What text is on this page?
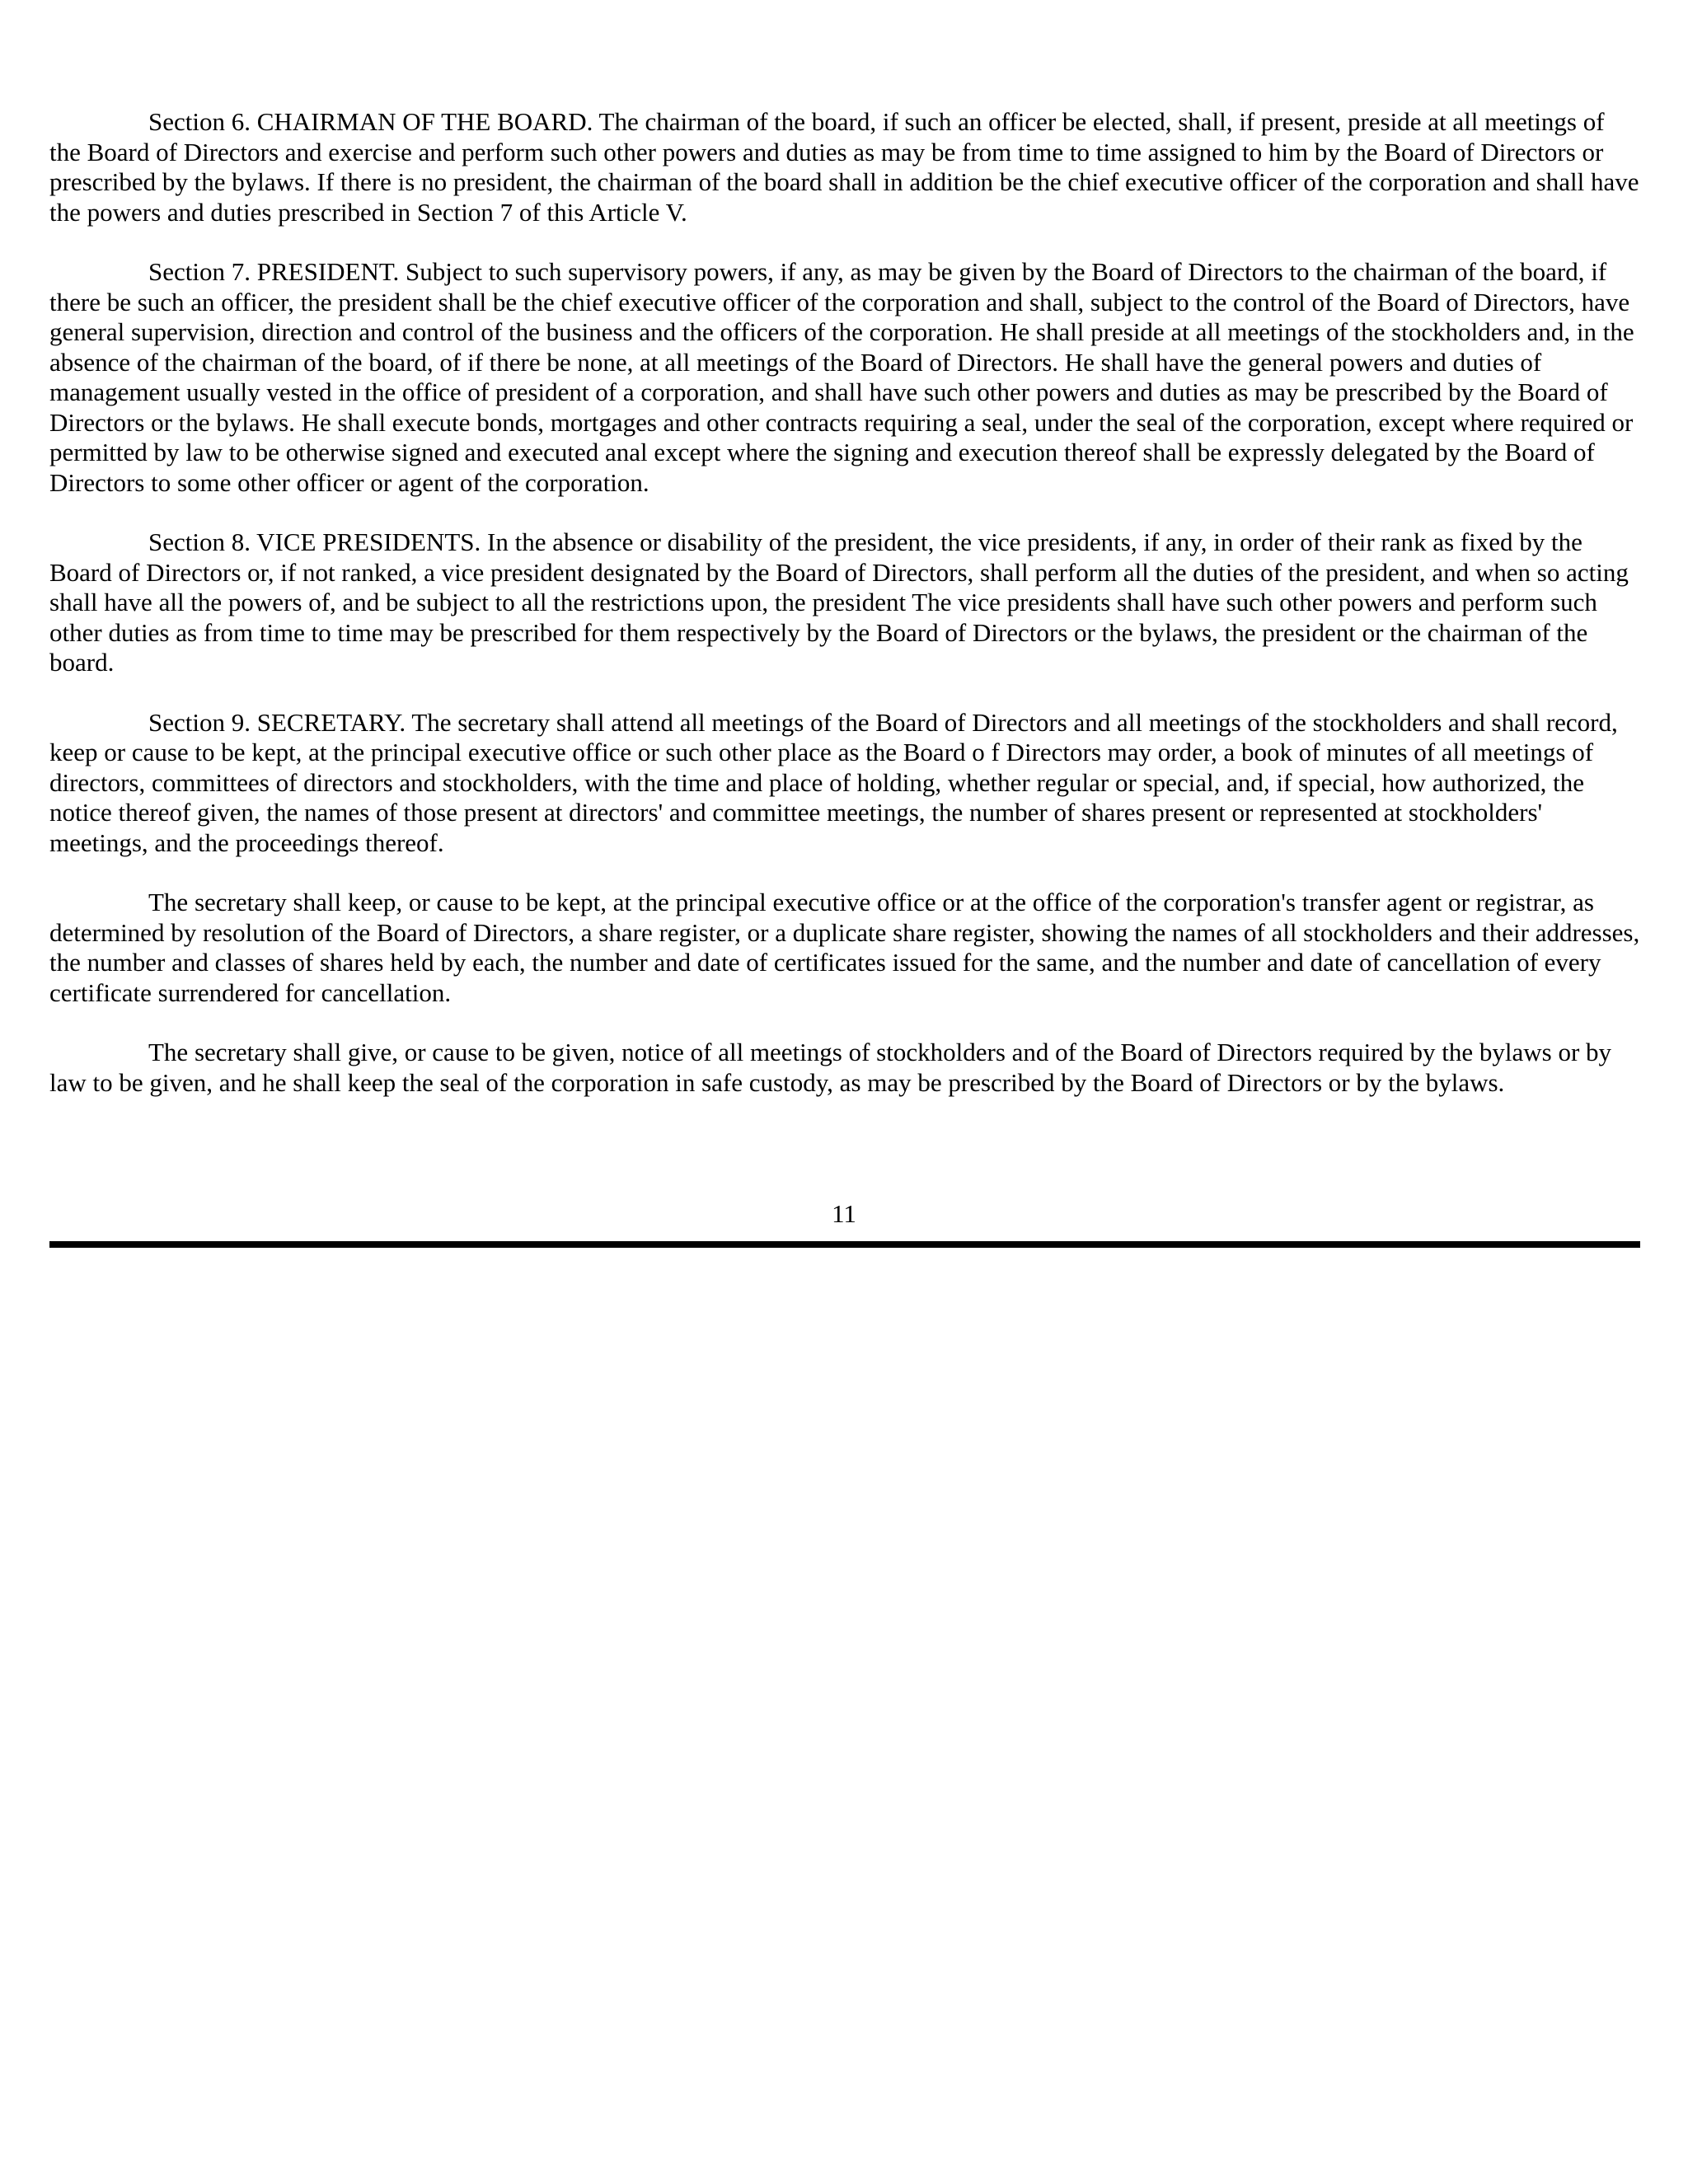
Section 6. CHAIRMAN OF THE BOARD. The chairman of the board, if such an officer be elected, shall, if present, preside at all meetings of the Board of Directors and exercise and perform such other powers and duties as may be from time to time assigned to him by the Board of Directors or prescribed by the bylaws. If there is no president, the chairman of the board shall in addition be the chief executive officer of the corporation and shall have the powers and duties prescribed in Section 7 of this Article V.

Section 7. PRESIDENT. Subject to such supervisory powers, if any, as may be given by the Board of Directors to the chairman of the board, if there be such an officer, the president shall be the chief executive officer of the corporation and shall, subject to the control of the Board of Directors, have general supervision, direction and control of the business and the officers of the corporation. He shall preside at all meetings of the stockholders and, in the absence of the chairman of the board, of if there be none, at all meetings of the Board of Directors. He shall have the general powers and duties of management usually vested in the office of president of a corporation, and shall have such other powers and duties as may be prescribed by the Board of Directors or the bylaws. He shall execute bonds, mortgages and other contracts requiring a seal, under the seal of the corporation, except where required or permitted by law to be otherwise signed and executed anal except where the signing and execution thereof shall be expressly delegated by the Board of Directors to some other officer or agent of the corporation.

Section 8. VICE PRESIDENTS. In the absence or disability of the president, the vice presidents, if any, in order of their rank as fixed by the Board of Directors or, if not ranked, a vice president designated by the Board of Directors, shall perform all the duties of the president, and when so acting shall have all the powers of, and be subject to all the restrictions upon, the president The vice presidents shall have such other powers and perform such other duties as from time to time may be prescribed for them respectively by the Board of Directors or the bylaws, the president or the chairman of the board.

Section 9. SECRETARY. The secretary shall attend all meetings of the Board of Directors and all meetings of the stockholders and shall record, keep or cause to be kept, at the principal executive office or such other place as the Board o f Directors may order, a book of minutes of all meetings of directors, committees of directors and stockholders, with the time and place of holding, whether regular or special, and, if special, how authorized, the notice thereof given, the names of those present at directors' and committee meetings, the number of shares present or represented at stockholders' meetings, and the proceedings thereof.

The secretary shall keep, or cause to be kept, at the principal executive office or at the office of the corporation's transfer agent or registrar, as determined by resolution of the Board of Directors, a share register, or a duplicate share register, showing the names of all stockholders and their addresses, the number and classes of shares held by each, the number and date of certificates issued for the same, and the number and date of cancellation of every certificate surrendered for cancellation.

The secretary shall give, or cause to be given, notice of all meetings of stockholders and of the Board of Directors required by the bylaws or by law to be given, and he shall keep the seal of the corporation in safe custody, as may be prescribed by the Board of Directors or by the bylaws.

11
